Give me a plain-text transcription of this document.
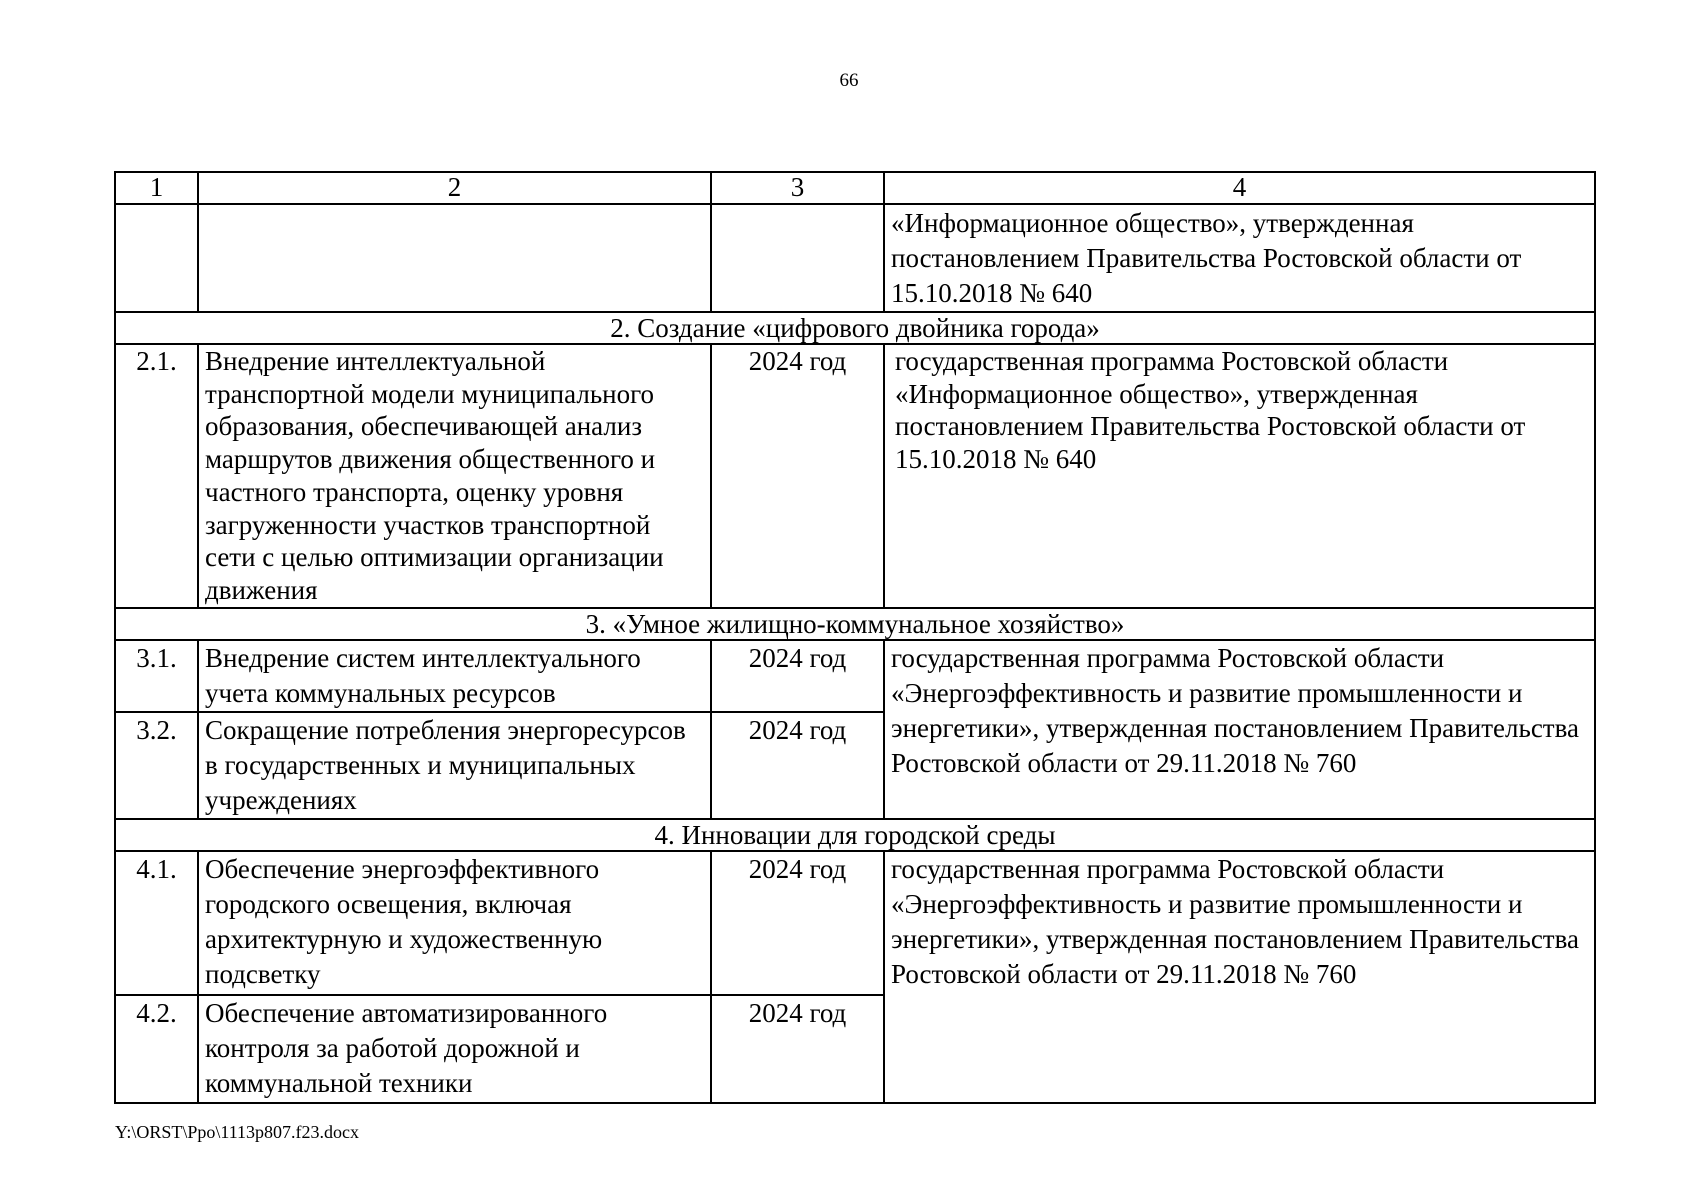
66
1	2	3	4
			«Информационное общество», утвержденная постановлением Правительства Ростовской области от 15.10.2018 № 640
2. Создание «цифрового двойника города»			
2.1.	Внедрение интеллектуальной транспортной модели муниципального образования, обеспечивающей анализ маршрутов движения общественного и частного транспорта, оценку уровня загруженности участков транспортной сети с целью оптимизации организации движения	2024 год	государственная программа Ростовской области «Информационное общество», утвержденная постановлением Правительства Ростовской области от 15.10.2018 № 640
3. «Умное жилищно-коммунальное хозяйство»			
3.1.	Внедрение систем интеллектуального учета коммунальных ресурсов	2024 год	государственная программа Ростовской области «Энергоэффективность и развитие промышленности и энергетики», утвержденная постановлением Правительства Ростовской области от 29.11.2018 № 760
3.2.	Сокращение потребления энергоресурсов в государственных и муниципальных учреждениях	2024 год	
4. Инновации для городской среды			
4.1.	Обеспечение энергоэффективного городского освещения, включая архитектурную и художественную подсветку	2024 год	государственная программа Ростовской области «Энергоэффективность и развитие промышленности и энергетики», утвержденная постановлением Правительства Ростовской области от 29.11.2018 № 760
4.2.	Обеспечение автоматизированного контроля за работой дорожной и коммунальной техники	2024 год	
Y:\ORST\Ppo\1113p807.f23.docx
